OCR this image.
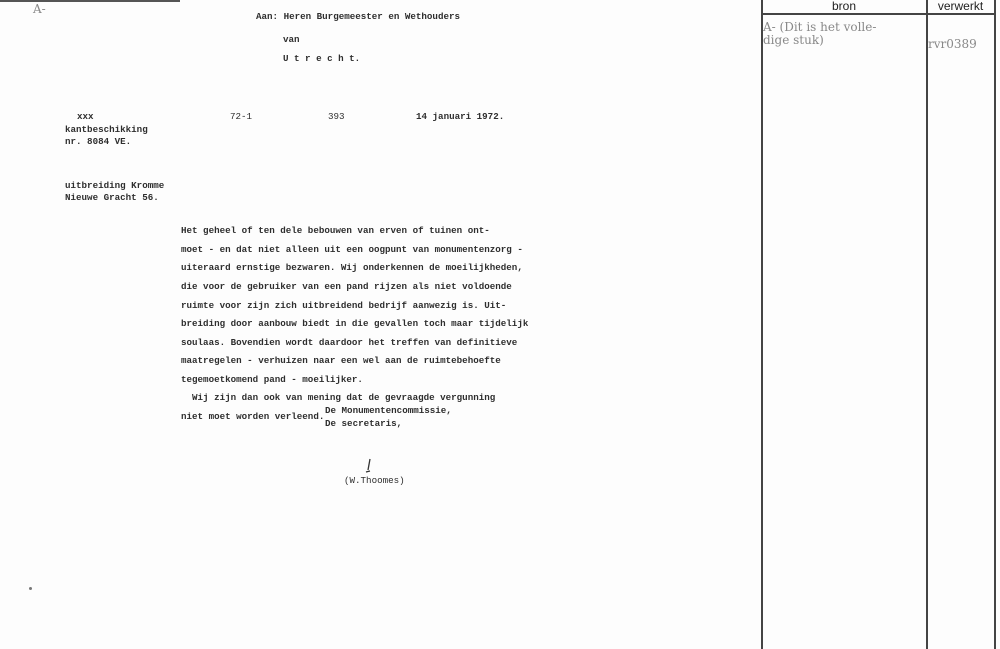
A-
Aan: Heren Burgemeester en Wethouders
van
U t r e c h t.
xxx
kantbeschikking
nr. 8084 VE.
72-1	393	14 januari 1972.
uitbreiding Kromme
Nieuwe Gracht 56.
Het geheel of ten dele bebouwen van erven of tuinen ont-
moet - en dat niet alleen uit een oogpunt van monumentenzorg -
uiteraard ernstige bezwaren. Wij onderkennen de moeilijkheden,
die voor de gebruiker van een pand rijzen als niet voldoende
ruimte voor zijn zich uitbreidend bedrijf aanwezig is. Uit-
breiding door aanbouw biedt in die gevallen toch maar tijdelijk
soulaas. Bovendien wordt daardoor het treffen van definitieve
maatregelen - verhuizen naar een wel aan de ruimtebehoefte
tegemoetkomend pand - moeilijker.
Wij zijn dan ook van mening dat de gevraagde vergunning
niet moet worden verleend.
De Monumentencommissie,
De secretaris,
(W.Thoomes)
bron	verwerkt
A- (Dit is het volle-
dige stuk)	rvr0389
